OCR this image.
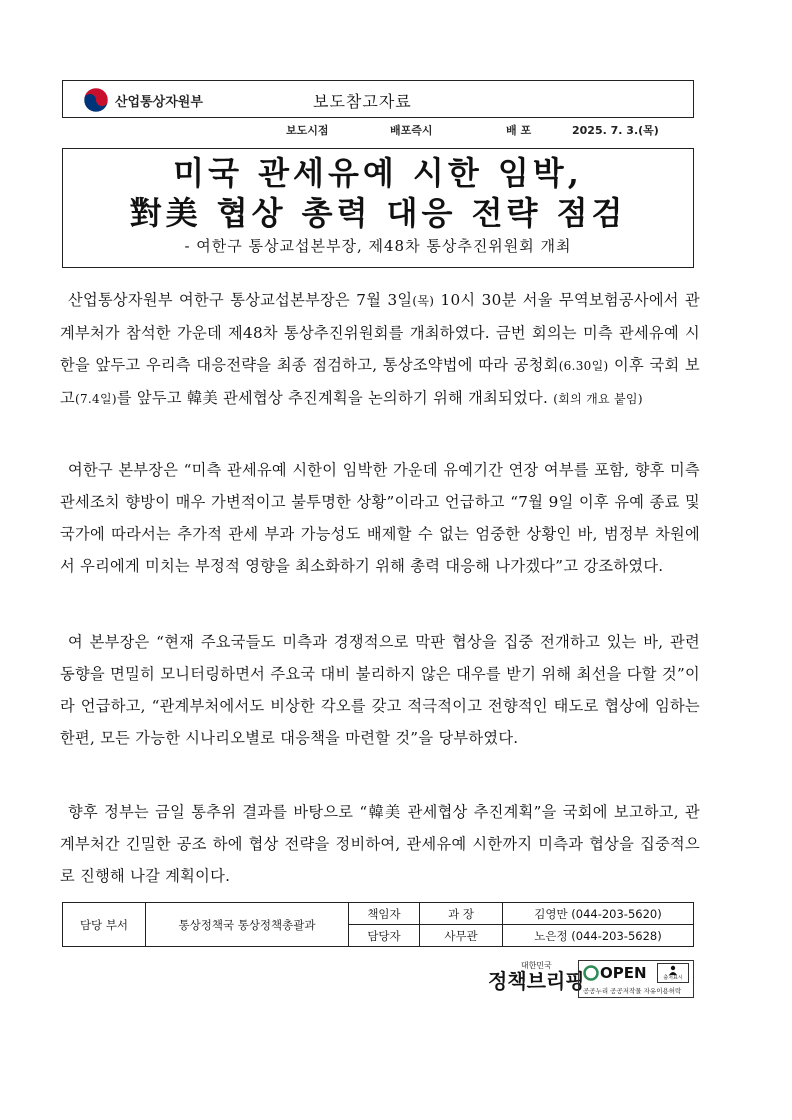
산업통상자원부	보도참고자료
보도시점	배포즉시	배 포	2025. 7. 3.(목)
미국 관세유예 시한 임박,
對美 협상 총력 대응 전략 점검
- 여한구 통상교섭본부장, 제48차 통상추진위원회 개최
산업통상자원부 여한구 통상교섭본부장은 7월 3일(목) 10시 30분 서울 무역보험공사에서 관계부처가 참석한 가운데 제48차 통상추진위원회를 개최하였다. 금번 회의는 미측 관세유예 시한을 앞두고 우리측 대응전략을 최종 점검하고, 통상조약법에 따라 공청회(6.30일) 이후 국회 보고(7.4일)를 앞두고 韓美 관세협상 추진계획을 논의하기 위해 개최되었다. (회의 개요 붙임)
여한구 본부장은 “미측 관세유예 시한이 임박한 가운데 유예기간 연장 여부를 포함, 향후 미측 관세조치 향방이 매우 가변적이고 불투명한 상황”이라고 언급하고 “7월 9일 이후 유예 종료 및 국가에 따라서는 추가적 관세 부과 가능성도 배제할 수 없는 엄중한 상황인 바, 범정부 차원에서 우리에게 미치는 부정적 영향을 최소화하기 위해 총력 대응해 나가겠다”고 강조하였다.
여 본부장은 “현재 주요국들도 미측과 경쟁적으로 막판 협상을 집중 전개하고 있는 바, 관련 동향을 면밀히 모니터링하면서 주요국 대비 불리하지 않은 대우를 받기 위해 최선을 다할 것”이라 언급하고, “관계부처에서도 비상한 각오를 갖고 적극적이고 전향적인 태도로 협상에 임하는 한편, 모든 가능한 시나리오별로 대응책을 마련할 것”을 당부하였다.
향후 정부는 금일 통추위 결과를 바탕으로 “韓美 관세협상 추진계획”을 국회에 보고하고, 관계부처간 긴밀한 공조 하에 협상 전략을 정비하여, 관세유예 시한까지 미측과 협상을 집중적으로 진행해 나갈 계획이다.
담당 부서	통상정책국 통상정책총괄과	책임자	과 장	김영만 (044-203-5620)
		담당자	사무관	노은정 (044-203-5628)
대한민국
정책브리핑 OPEN	출처표시
공공누리 공공저작물 자유이용허락
